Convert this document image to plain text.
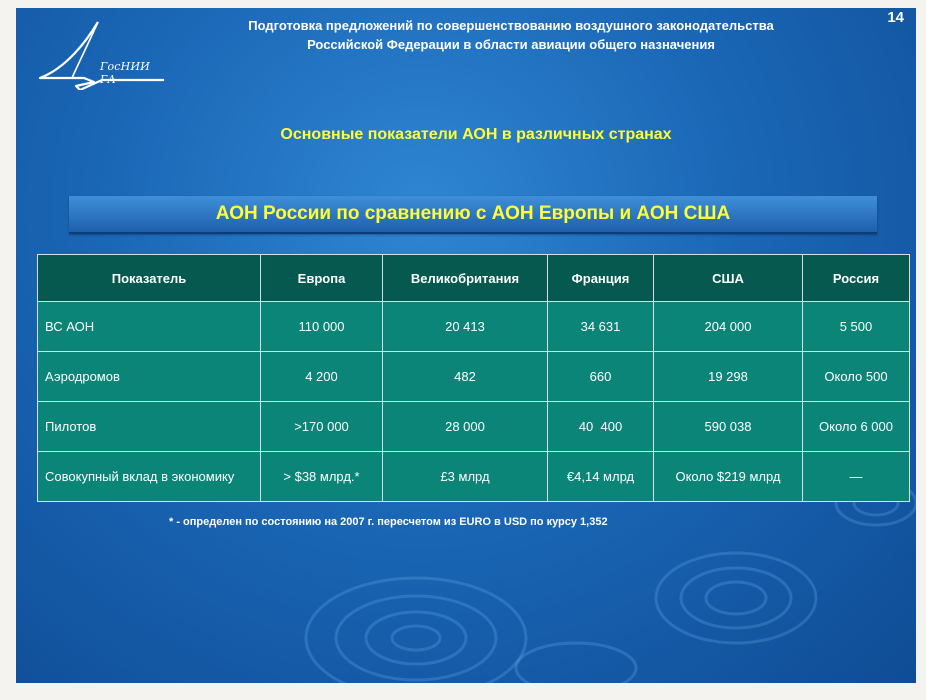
ГосНИИ ГА
14
Подготовка предложений по совершенствованию воздушного законодательства
Российской Федерации в области авиации общего назначения
Основные показатели АОН в различных странах
АОН России по сравнению с АОН Европы и АОН США
Показатель	Европа	Великобритания	Франция	США	Россия
ВС АОН	110 000	20 413	34 631	204 000	5 500
Аэродромов	4 200	482	660	19 298	Около 500
Пилотов	>170 000	28 000	40  400	590 038	Около 6 000
Совокупный вклад в экономику	> $38 млрд.*	£3 млрд	€4,14 млрд	Около $219 млрд	—
* - определен по состоянию на 2007 г. пересчетом из EURO в USD по курсу 1,352
